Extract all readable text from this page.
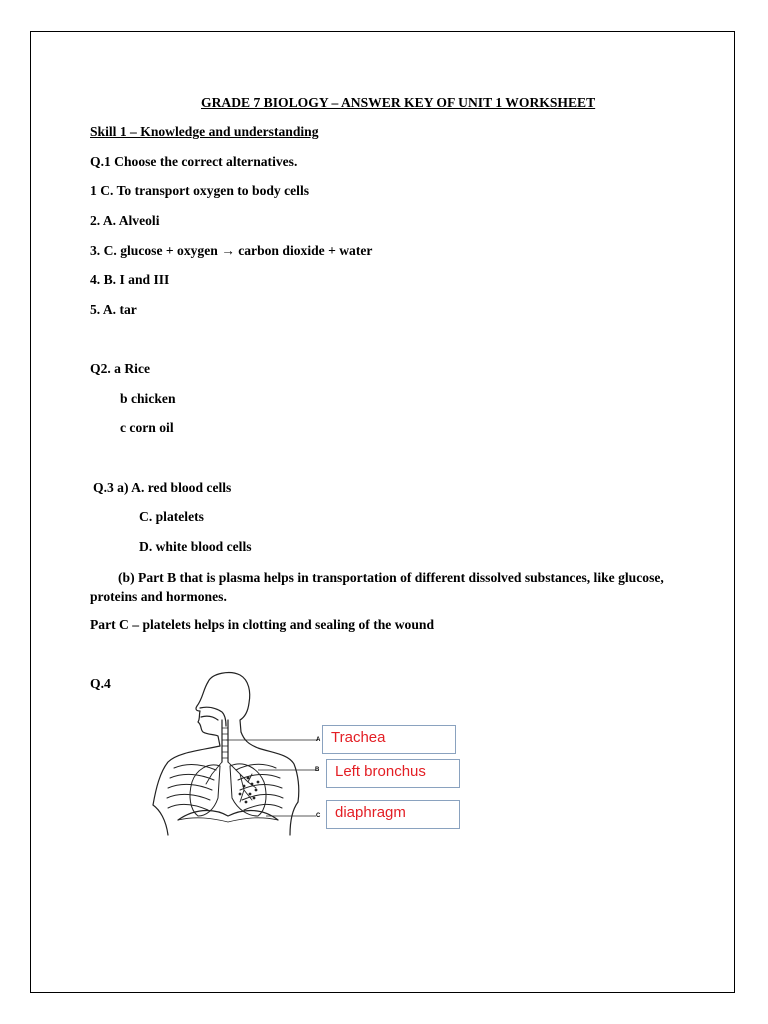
GRADE 7 BIOLOGY – ANSWER KEY OF UNIT 1 WORKSHEET
Skill 1 – Knowledge and understanding
Q.1 Choose the correct alternatives.
1 C. To transport oxygen to body cells
2. A. Alveoli
3. C. glucose + oxygen → carbon dioxide + water
4. B. I and III
5. A. tar
Q2. a Rice
b chicken
c corn oil
Q.3 a) A. red blood cells
C. platelets
D. white blood cells
(b) Part B that is plasma helps in transportation of different dissolved substances, like glucose, proteins and hormones.
Part C – platelets helps in clotting and sealing of the wound
Q.4
A
B
C
Trachea
Left bronchus
diaphragm
